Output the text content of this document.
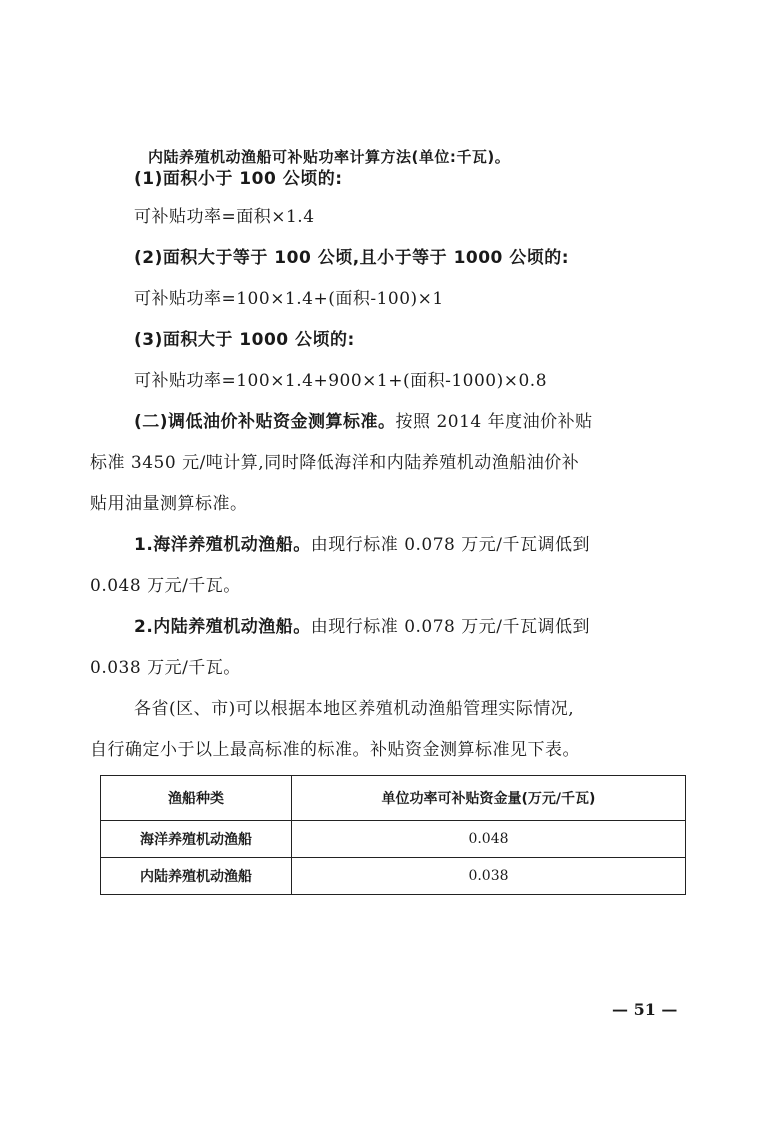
内陆养殖机动渔船可补贴功率计算方法(单位:千瓦)。
(1)面积小于 100 公顷的:
可补贴功率=面积×1.4
(2)面积大于等于 100 公顷,且小于等于 1000 公顷的:
可补贴功率=100×1.4+(面积-100)×1
(3)面积大于 1000 公顷的:
可补贴功率=100×1.4+900×1+(面积-1000)×0.8
(二)调低油价补贴资金测算标准。按照 2014 年度油价补贴
标准 3450 元/吨计算,同时降低海洋和内陆养殖机动渔船油价补
贴用油量测算标准。
1.海洋养殖机动渔船。由现行标准 0.078 万元/千瓦调低到
0.048 万元/千瓦。
2.内陆养殖机动渔船。由现行标准 0.078 万元/千瓦调低到
0.038 万元/千瓦。
各省(区、市)可以根据本地区养殖机动渔船管理实际情况,
自行确定小于以上最高标准的标准。补贴资金测算标准见下表。
渔船种类	单位功率可补贴资金量(万元/千瓦)
海洋养殖机动渔船	0.048
内陆养殖机动渔船	0.038
— 51 —
